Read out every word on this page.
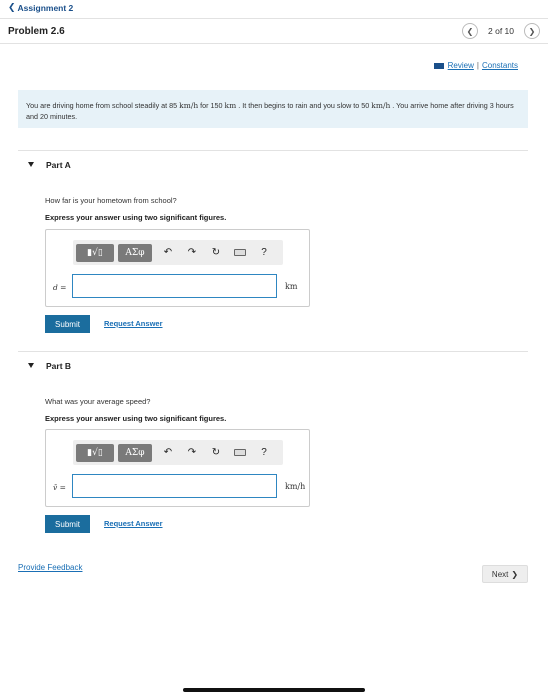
❮ Assignment 2
Problem 2.6	❮ 2 of 10 ❯
Review | Constants
You are driving home from school steadily at 85 km/h for 150 km . It then begins to rain and you slow to 50 km/h . You arrive home after driving 3 hours and 20 minutes.
Part A
How far is your hometown from school?
Express your answer using two significant figures.
▮√▯	ΑΣφ	↶	↷	↻	?
d =	km
Submit	Request Answer
Part B
What was your average speed?
Express your answer using two significant figures.
▮√▯	ΑΣφ	↶	↷	↻	?
v̄ =	km/h
Submit	Request Answer
Provide Feedback
Next ❯
